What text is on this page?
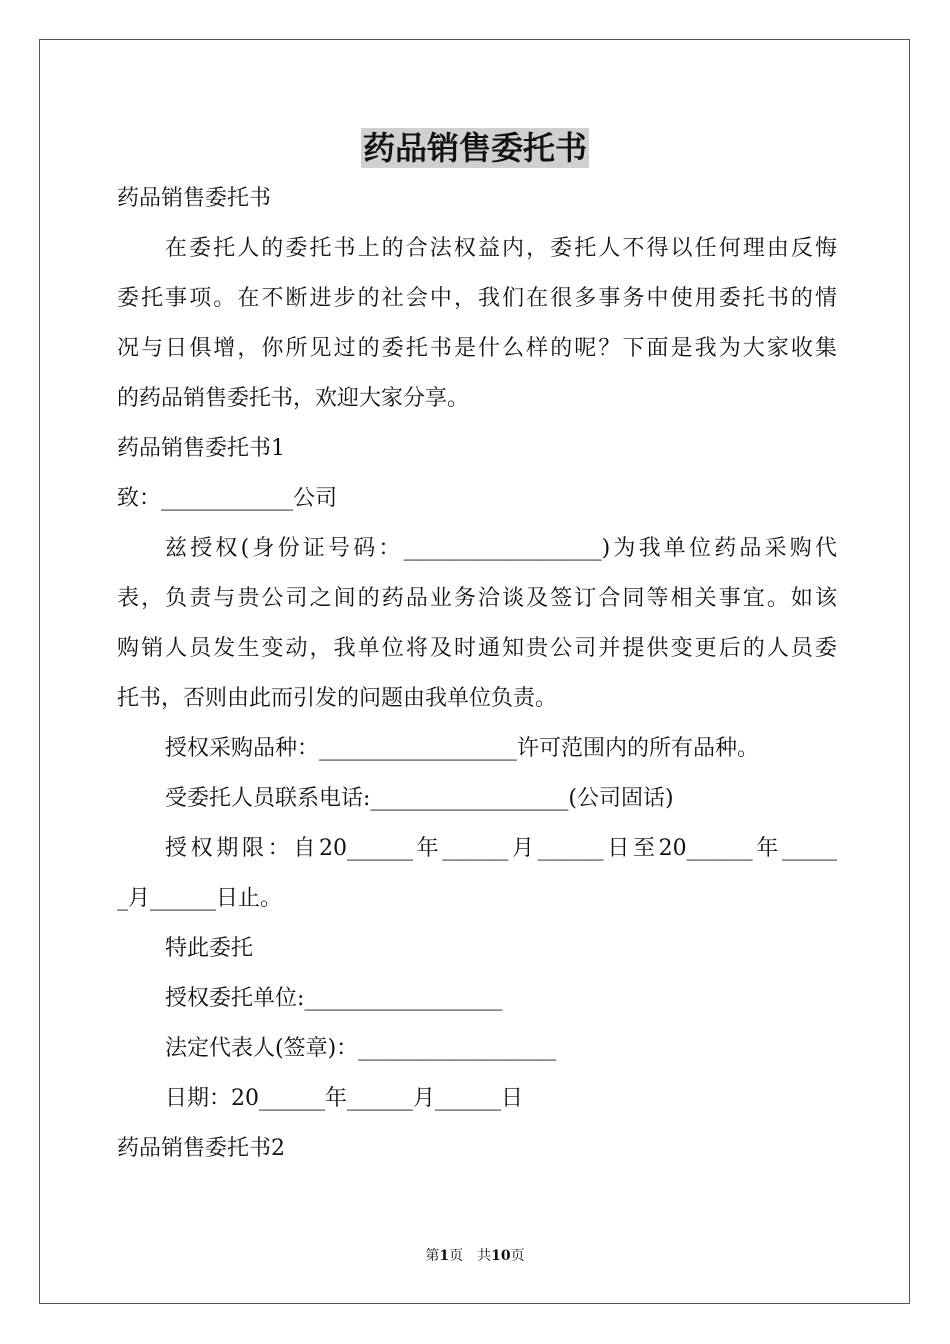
药品销售委托书
药品销售委托书
在委托人的委托书上的合法权益内，委托人不得以任何理由反悔
委托事项。在不断进步的社会中，我们在很多事务中使用委托书的情
况与日俱增，你所见过的委托书是什么样的呢？下面是我为大家收集
的药品销售委托书，欢迎大家分享。
药品销售委托书1
致：____________公司
兹授权(身份证号码：__________________)为我单位药品采购代
表，负责与贵公司之间的药品业务洽谈及签订合同等相关事宜。如该
购销人员发生变动，我单位将及时通知贵公司并提供变更后的人员委
托书，否则由此而引发的问题由我单位负责。
授权采购品种：__________________许可范围内的所有品种。
受委托人员联系电话:__________________(公司固话)
授权期限：自20______年______月______日至20______年_____
_月______日止。
特此委托
授权委托单位:__________________
法定代表人(签章)：__________________
日期：20______年______月______日
药品销售委托书2
第1页　共10页
